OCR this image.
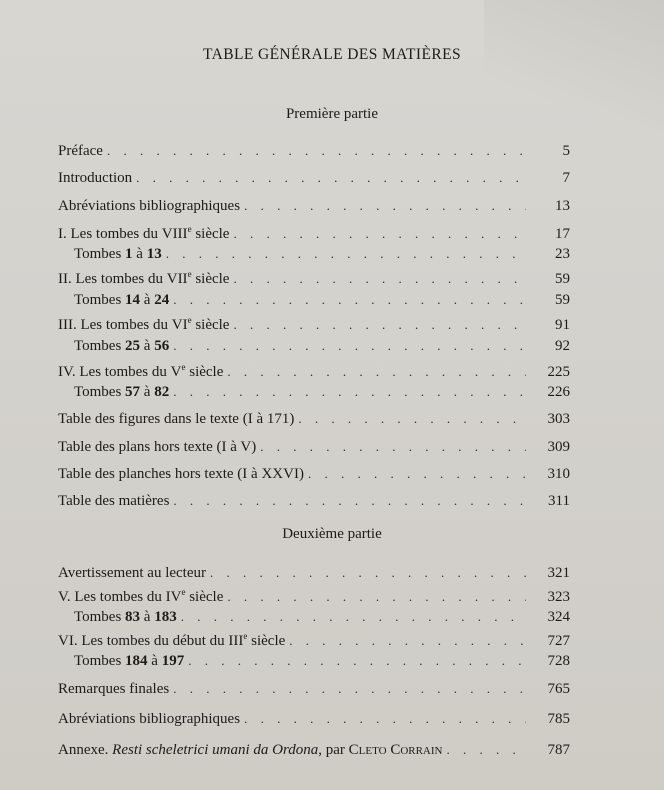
TABLE GÉNÉRALE DES MATIÈRES
Première partie
Préface . . .	5
Introduction . . .	7
Abréviations bibliographiques . . .	13
I. Les tombes du VIIIe siècle . . .	17
Tombes 1 à 13 . . .	23
II. Les tombes du VIIe siècle . . .	59
Tombes 14 à 24 . . .	59
III. Les tombes du VIe siècle . . .	91
Tombes 25 à 56 . . .	92
IV. Les tombes du Ve siècle . . .	225
Tombes 57 à 82 . . .	226
Table des figures dans le texte (I à 171) . . .	303
Table des plans hors texte (I à V) . . .	309
Table des planches hors texte (I à XXVI) . . .	310
Table des matières . . .	311
Deuxième partie
Avertissement au lecteur . . .	321
V. Les tombes du IVe siècle . . .	323
Tombes 83 à 183 . . .	324
VI. Les tombes du début du IIIe siècle . . .	727
Tombes 184 à 197 . . .	728
Remarques finales . . .	765
Abréviations bibliographiques . . .	785
Annexe. Resti scheletrici umani da Ordona, par Cleto Corrain . . .	787
